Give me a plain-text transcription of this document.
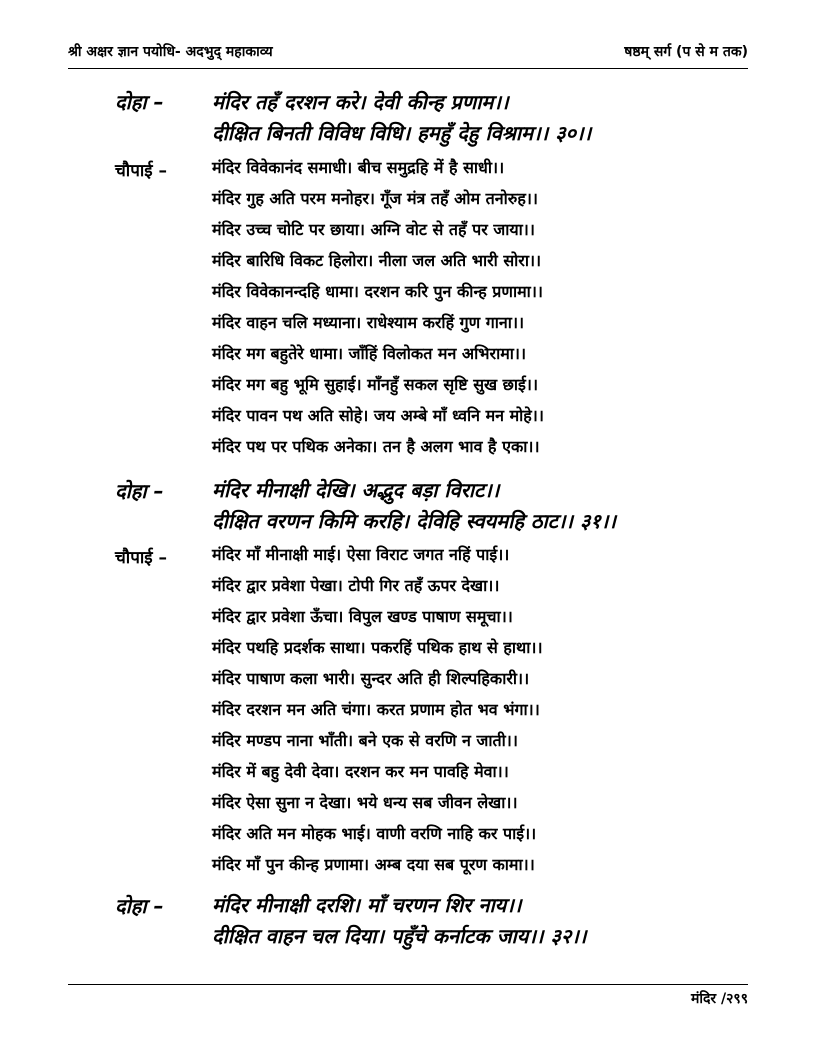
श्री अक्षर ज्ञान पयोधि- अदभुद् महाकाव्य	षष्ठम् सर्ग (प से म तक)
दोहा – मंदिर तहँ दरशन करे। देवी कीन्ह प्रणाम।।
दीक्षित बिनती विविध विधि। हमहुँ देहु विश्राम।। ३०।।
चौपाई –	मंदिर विवेकानंद समाधी। बीच समुद्रहि में है साधी।।
मंदिर गुह अति परम मनोहर। गूँज मंत्र तहँ ओम तनोरुह।।
मंदिर उच्च चोटि पर छाया। अग्नि वोट से तहँ पर जाया।।
मंदिर बारिधि विकट हिलोरा। नीला जल अति भारी सोरा।।
मंदिर विवेकानन्दहि धामा। दरशन करि पुन कीन्ह प्रणामा।।
मंदिर वाहन चलि मध्याना। राधेश्याम करहिं गुण गाना।।
मंदिर मग बहुतेरे धामा। जाँहिं विलोकत मन अभिरामा।।
मंदिर मग बहु भूमि सुहाई। माँनहुँ सकल सृष्टि सुख छाई।।
मंदिर पावन पथ अति सोहे। जय अम्बे माँ ध्वनि मन मोहे।।
मंदिर पथ पर पथिक अनेका। तन है अलग भाव है एका।।
दोहा – मंदिर मीनाक्षी देखि। अद्भुद बड़ा विराट।।
दीक्षित वरणन किमि करहि। देविहि स्वयमहि ठाट।। ३१।।
चौपाई –	मंदिर माँ मीनाक्षी माई। ऐसा विराट जगत नहिं पाई।।
मंदिर द्वार प्रवेशा पेखा। टोपी गिर तहँ ऊपर देखा।।
मंदिर द्वार प्रवेशा ऊँचा। विपुल खण्ड पाषाण समूचा।।
मंदिर पथहि प्रदर्शक साथा। पकरहिं पथिक हाथ से हाथा।।
मंदिर पाषाण कला भारी। सुन्दर अति ही शिल्पहिकारी।।
मंदिर दरशन मन अति चंगा। करत प्रणाम होत भव भंगा।।
मंदिर मण्डप नाना भाँती। बने एक से वरणि न जाती।।
मंदिर में बहु देवी देवा। दरशन कर मन पावहि मेवा।।
मंदिर ऐसा सुना न देखा। भये धन्य सब जीवन लेखा।।
मंदिर अति मन मोहक भाई। वाणी वरणि नाहि कर पाई।।
मंदिर माँ पुन कीन्ह प्रणामा। अम्ब दया सब पूरण कामा।।
दोहा – मंदिर मीनाक्षी दरशि। माँ चरणन शिर नाय।।
दीक्षित वाहन चल दिया। पहुँचे कर्नाटक जाय।। ३२।।
मंदिर /२९९
